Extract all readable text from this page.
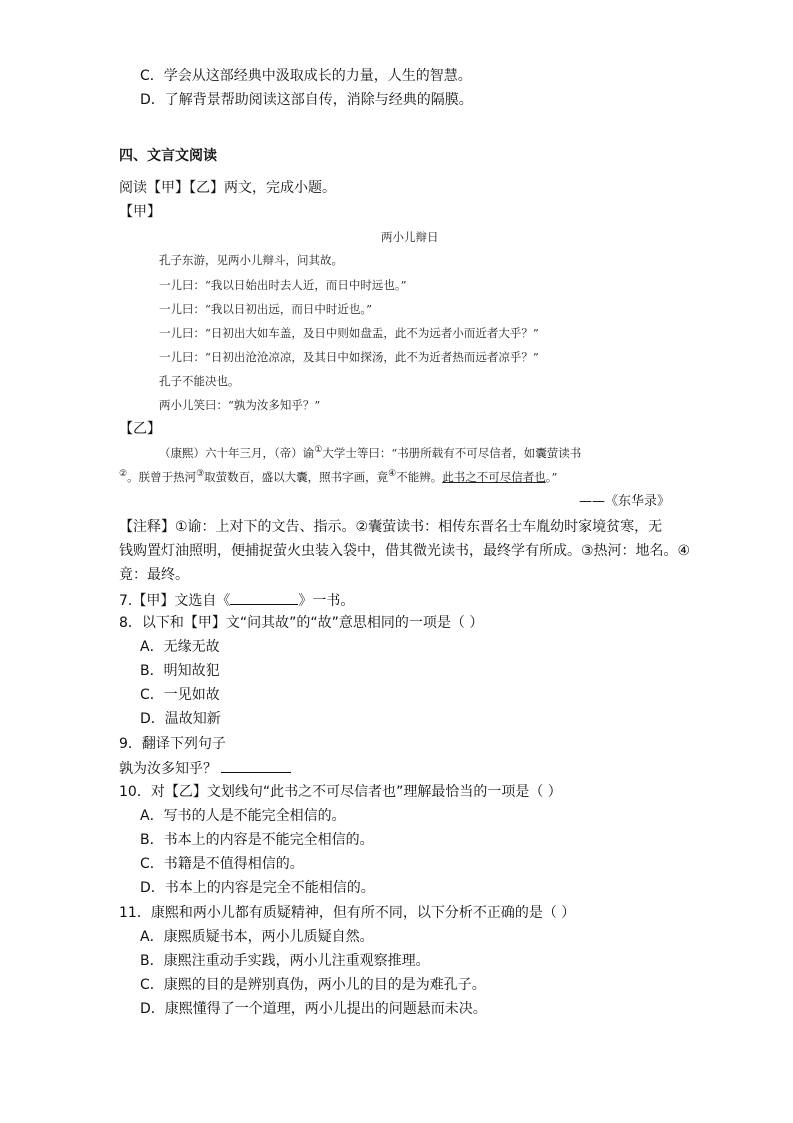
C．学会从这部经典中汲取成长的力量，人生的智慧。
D．了解背景帮助阅读这部自传，消除与经典的隔膜。
四、文言文阅读
阅读【甲】【乙】两文，完成小题。
【甲】
两小儿辩日
孔子东游，见两小儿辩斗，问其故。
一儿曰：“我以日始出时去人近，而日中时远也。”
一儿曰：“我以日初出远，而日中时近也。”
一儿曰：“日初出大如车盖，及日中则如盘盂，此不为远者小而近者大乎？”
一儿曰：“日初出沧沧凉凉，及其日中如探汤，此不为近者热而远者凉乎？”
孔子不能决也。
两小儿笑曰：“孰为汝多知乎？”
【乙】
（康熙）六十年三月，（帝）谕①大学士等曰：“书册所载有不可尽信者，如囊萤读书
②。朕曾于热河③取萤数百，盛以大囊，照书字画，竟④不能辨。此书之不可尽信者也。”
——《东华录》
【注释】①谕：上对下的文告、指示。②囊萤读书：相传东晋名士车胤幼时家境贫寒，无
钱购置灯油照明，便捕捉萤火虫装入袋中，借其微光读书，最终学有所成。③热河：地名。④
竟：最终。
7.【甲】文选自《	》一书。
8．以下和【甲】文“问其故”的“故”意思相同的一项是（ ）
A．无缘无故
B．明知故犯
C．一见如故
D．温故知新
9．翻译下列句子
孰为汝多知乎？
10．对【乙】文划线句“此书之不可尽信者也”理解最恰当的一项是（ ）
A．写书的人是不能完全相信的。
B．书本上的内容是不能完全相信的。
C．书籍是不值得相信的。
D．书本上的内容是完全不能相信的。
11．康熙和两小儿都有质疑精神，但有所不同，以下分析不正确的是（ ）
A．康熙质疑书本，两小儿质疑自然。
B．康熙注重动手实践，两小儿注重观察推理。
C．康熙的目的是辨别真伪，两小儿的目的是为难孔子。
D．康熙懂得了一个道理，两小儿提出的问题悬而未决。
